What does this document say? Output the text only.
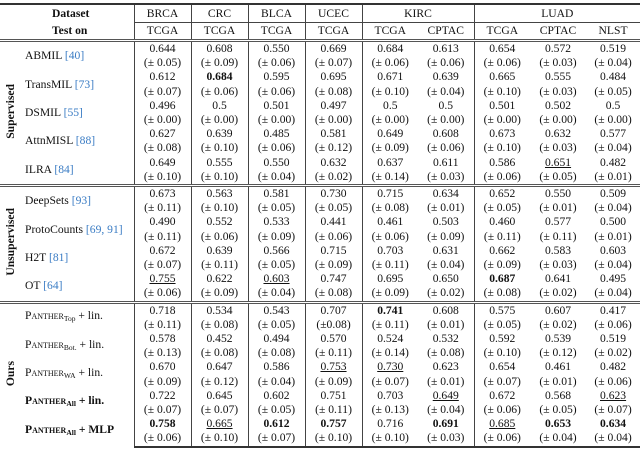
Dataset		BRCA	CRC	BLCA	UCEC	KIRC		LUAD		
Test on		TCGA	TCGA	TCGA	TCGA	TCGA	CPTAC	TCGA	CPTAC	NLST
Supervised	ABMIL [40]	0.644	0.608	0.550	0.669	0.684	0.613	0.654	0.572	0.519
		(± 0.05)	(± 0.09)	(± 0.06)	(± 0.07)	(± 0.06)	(± 0.06)	(± 0.06)	(± 0.03)	(± 0.04)
	TransMIL [73]	0.612	0.684	0.595	0.695	0.671	0.639	0.665	0.555	0.484
		(± 0.07)	(± 0.06)	(± 0.06)	(± 0.08)	(± 0.10)	(± 0.04)	(± 0.10)	(± 0.03)	(± 0.05)
	DSMIL [55]	0.496	0.5	0.501	0.497	0.5	0.5	0.501	0.502	0.5
		(± 0.00)	(± 0.00)	(± 0.00)	(± 0.00)	(± 0.00)	(± 0.00)	(± 0.00)	(± 0.00)	(± 0.00)
	AttnMISL [88]	0.627	0.639	0.485	0.581	0.649	0.608	0.673	0.632	0.577
		(± 0.08)	(± 0.10)	(± 0.06)	(± 0.12)	(± 0.09)	(± 0.06)	(± 0.10)	(± 0.03)	(± 0.04)
	ILRA [84]	0.649	0.555	0.550	0.632	0.637	0.611	0.586	0.651	0.482
		(± 0.10)	(± 0.10)	(± 0.04)	(± 0.02)	(± 0.14)	(± 0.03)	(± 0.06)	(± 0.05)	(± 0.01)
Unsupervised	DeepSets [93]	0.673	0.563	0.581	0.730	0.715	0.634	0.652	0.550	0.509
		(± 0.11)	(± 0.10)	(± 0.05)	(± 0.05)	(± 0.08)	(± 0.01)	(± 0.05)	(± 0.01)	(± 0.04)
	ProtoCounts [69, 91]	0.490	0.552	0.533	0.441	0.461	0.503	0.460	0.577	0.500
		(± 0.11)	(± 0.06)	(± 0.09)	(± 0.06)	(± 0.06)	(± 0.09)	(± 0.11)	(± 0.11)	(± 0.01)
	H2T [81]	0.672	0.639	0.566	0.715	0.703	0.631	0.662	0.583	0.603
		(± 0.07)	(± 0.11)	(± 0.05)	(± 0.09)	(± 0.11)	(± 0.04)	(± 0.09)	(± 0.03)	(± 0.04)
	OT [64]	0.755	0.622	0.603	0.747	0.695	0.650	0.687	0.641	0.495
		(± 0.06)	(± 0.09)	(± 0.04)	(± 0.08)	(± 0.09)	(± 0.02)	(± 0.08)	(± 0.02)	(± 0.04)
Ours	Panther$_{Top}$ + lin.	0.718	0.534	0.543	0.707	0.741	0.608	0.575	0.607	0.417
		(± 0.11)	(± 0.08)	(± 0.05)	(±0.08)	(± 0.11)	(± 0.01)	(± 0.05)	(± 0.02)	(± 0.06)
	Panther$_{Bot.}$ + lin.	0.578	0.452	0.494	0.570	0.524	0.532	0.592	0.539	0.519
		(± 0.13)	(± 0.08)	(± 0.08)	(± 0.11)	(± 0.14)	(± 0.08)	(± 0.10)	(± 0.12)	(± 0.02)
	Panther$_{WA}$ + lin.	0.670	0.647	0.586	0.753	0.730	0.623	0.654	0.461	0.482
		(± 0.09)	(± 0.12)	(± 0.04)	(± 0.09)	(± 0.07)	(± 0.01)	(± 0.07)	(± 0.01)	(± 0.06)
	Panther$_{All}$ + lin.	0.722	0.645	0.602	0.751	0.703	0.649	0.672	0.568	0.623
		(± 0.07)	(± 0.07)	(± 0.05)	(± 0.11)	(± 0.13)	(± 0.04)	(± 0.06)	(± 0.05)	(± 0.07)
	Panther$_{All}$ + MLP	0.758	0.665	0.612	0.757	0.716	0.691	0.685	0.653	0.634
		(± 0.06)	(± 0.10)	(± 0.07)	(± 0.10)	(± 0.10)	(± 0.03)	(± 0.06)	(± 0.04)	(± 0.04)
